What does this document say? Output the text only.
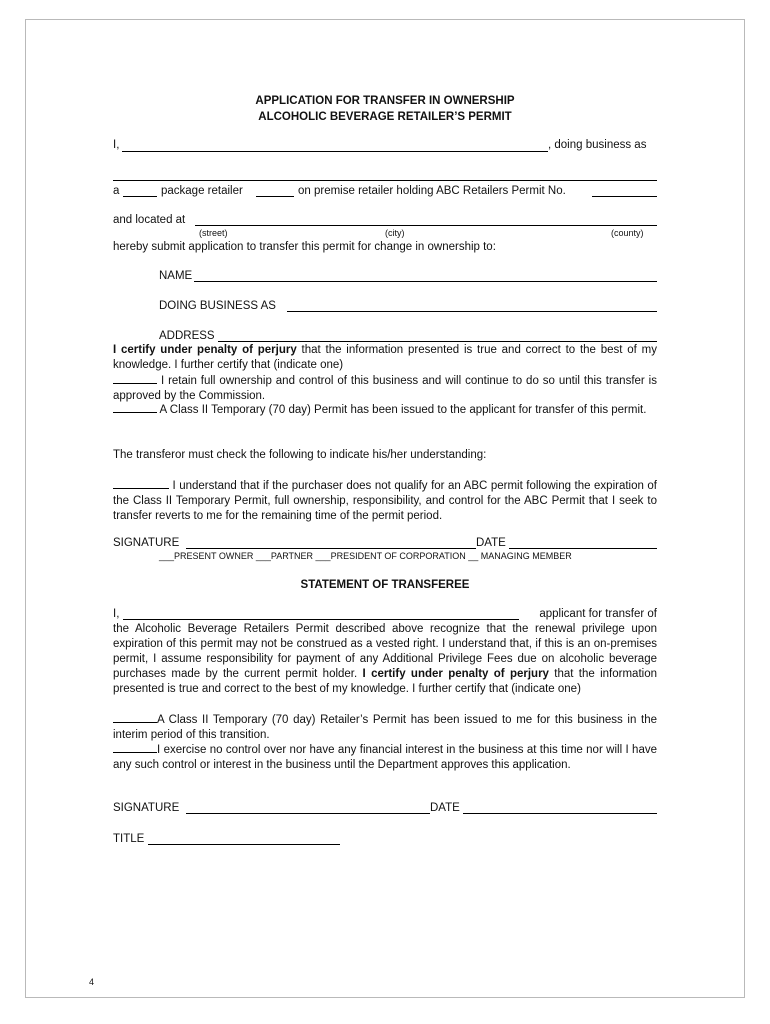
APPLICATION FOR TRANSFER IN OWNERSHIP
ALCOHOLIC BEVERAGE RETAILER’S PERMIT
I,	, doing business as
a	package retailer	on premise retailer holding ABC Retailers Permit No.
and located at
(street)	(city)	(county)
hereby submit application to transfer this permit for change in ownership to:
NAME
DOING BUSINESS AS
ADDRESS
I certify under penalty of perjury that the information presented is true and correct to the best of my knowledge. I further certify that (indicate one)
I retain full ownership and control of this business and will continue to do so until this transfer is approved by the Commission.
A Class II Temporary (70 day) Permit has been issued to the applicant for transfer of this permit.
The transferor must check the following to indicate his/her understanding:
I understand that if the purchaser does not qualify for an ABC permit following the expiration of the Class II Temporary Permit, full ownership, responsibility, and control for the ABC Permit that I seek to transfer reverts to me for the remaining time of the permit period.
SIGNATURE	DATE
___PRESENT OWNER ___PARTNER ___PRESIDENT OF CORPORATION __ MANAGING MEMBER
STATEMENT OF TRANSFEREE
I,	applicant for transfer of
the Alcoholic Beverage Retailers Permit described above recognize that the renewal privilege upon expiration of this permit may not be construed as a vested right. I understand that, if this is an on-premises permit, I assume responsibility for payment of any Additional Privilege Fees due on alcoholic beverage purchases made by the current permit holder. I certify under penalty of perjury that the information presented is true and correct to the best of my knowledge. I further certify that (indicate one)
A Class II Temporary (70 day) Retailer’s Permit has been issued to me for this business in the interim period of this transition.
I exercise no control over nor have any financial interest in the business at this time nor will I have any such control or interest in the business until the Department approves this application.
SIGNATURE	DATE
TITLE
4
